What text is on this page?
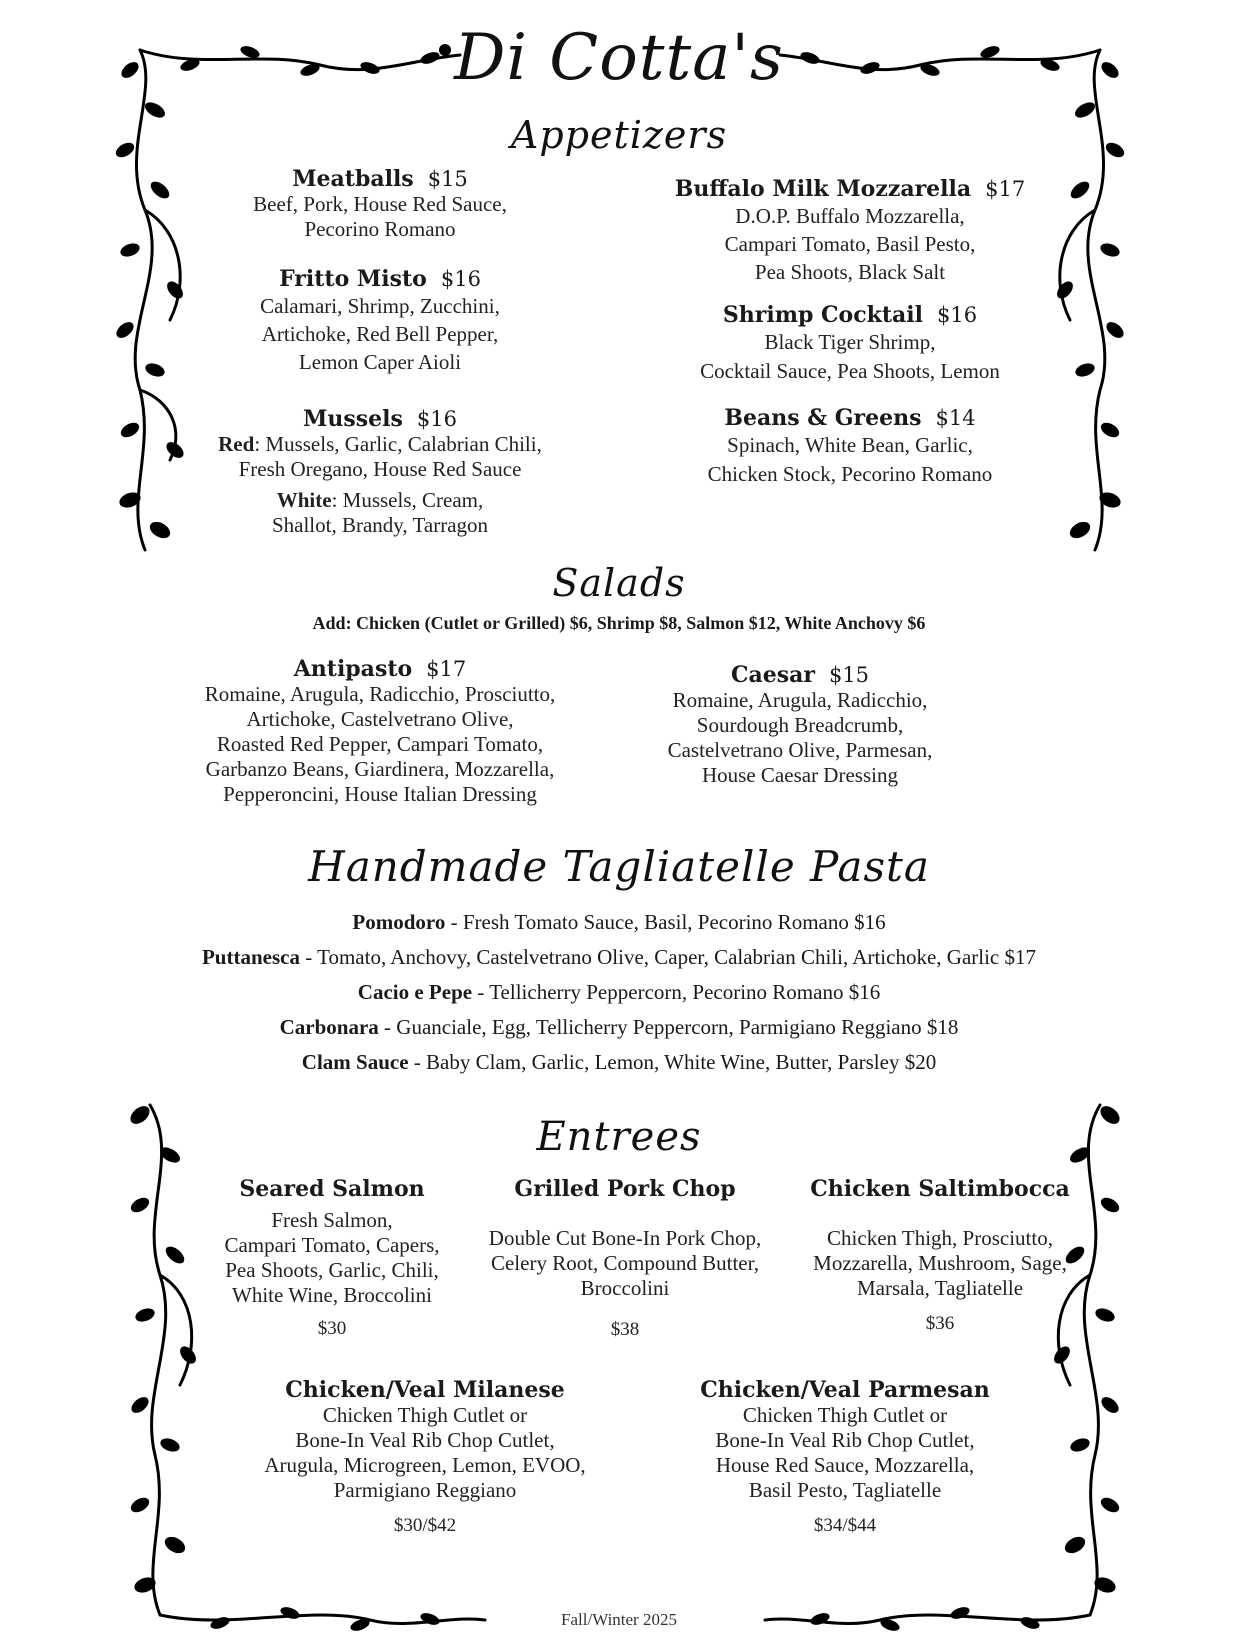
Di Cotta's
Appetizers
Meatballs $15
Beef, Pork, House Red Sauce,
Pecorino Romano
Fritto Misto $16
Calamari, Shrimp, Zucchini,
Artichoke, Red Bell Pepper,
Lemon Caper Aioli
Mussels $16
Red: Mussels, Garlic, Calabrian Chili,
Fresh Oregano, House Red Sauce
White: Mussels, Cream,
Shallot, Brandy, Tarragon
Buffalo Milk Mozzarella $17
D.O.P. Buffalo Mozzarella,
Campari Tomato, Basil Pesto,
Pea Shoots, Black Salt
Shrimp Cocktail $16
Black Tiger Shrimp,
Cocktail Sauce, Pea Shoots, Lemon
Beans & Greens $14
Spinach, White Bean, Garlic,
Chicken Stock, Pecorino Romano
Salads
Add: Chicken (Cutlet or Grilled) $6, Shrimp $8, Salmon $12, White Anchovy $6
Antipasto $17
Romaine, Arugula, Radicchio, Prosciutto,
Artichoke, Castelvetrano Olive,
Roasted Red Pepper, Campari Tomato,
Garbanzo Beans, Giardinera, Mozzarella,
Pepperoncini, House Italian Dressing
Caesar $15
Romaine, Arugula, Radicchio,
Sourdough Breadcrumb,
Castelvetrano Olive, Parmesan,
House Caesar Dressing
Handmade Tagliatelle Pasta
Pomodoro - Fresh Tomato Sauce, Basil, Pecorino Romano $16
Puttanesca - Tomato, Anchovy, Castelvetrano Olive, Caper, Calabrian Chili, Artichoke, Garlic $17
Cacio e Pepe - Tellicherry Peppercorn, Pecorino Romano $16
Carbonara - Guanciale, Egg, Tellicherry Peppercorn, Parmigiano Reggiano $18
Clam Sauce - Baby Clam, Garlic, Lemon, White Wine, Butter, Parsley $20
Entrees
Seared Salmon
Fresh Salmon,
Campari Tomato, Capers,
Pea Shoots, Garlic, Chili,
White Wine, Broccolini
$30
Grilled Pork Chop
Double Cut Bone-In Pork Chop,
Celery Root, Compound Butter,
Broccolini
$38
Chicken Saltimbocca
Chicken Thigh, Prosciutto,
Mozzarella, Mushroom, Sage,
Marsala, Tagliatelle
$36
Chicken/Veal Milanese
Chicken Thigh Cutlet or
Bone-In Veal Rib Chop Cutlet,
Arugula, Microgreen, Lemon, EVOO,
Parmigiano Reggiano
$30/$42
Chicken/Veal Parmesan
Chicken Thigh Cutlet or
Bone-In Veal Rib Chop Cutlet,
House Red Sauce, Mozzarella,
Basil Pesto, Tagliatelle
$34/$44
Fall/Winter 2025
